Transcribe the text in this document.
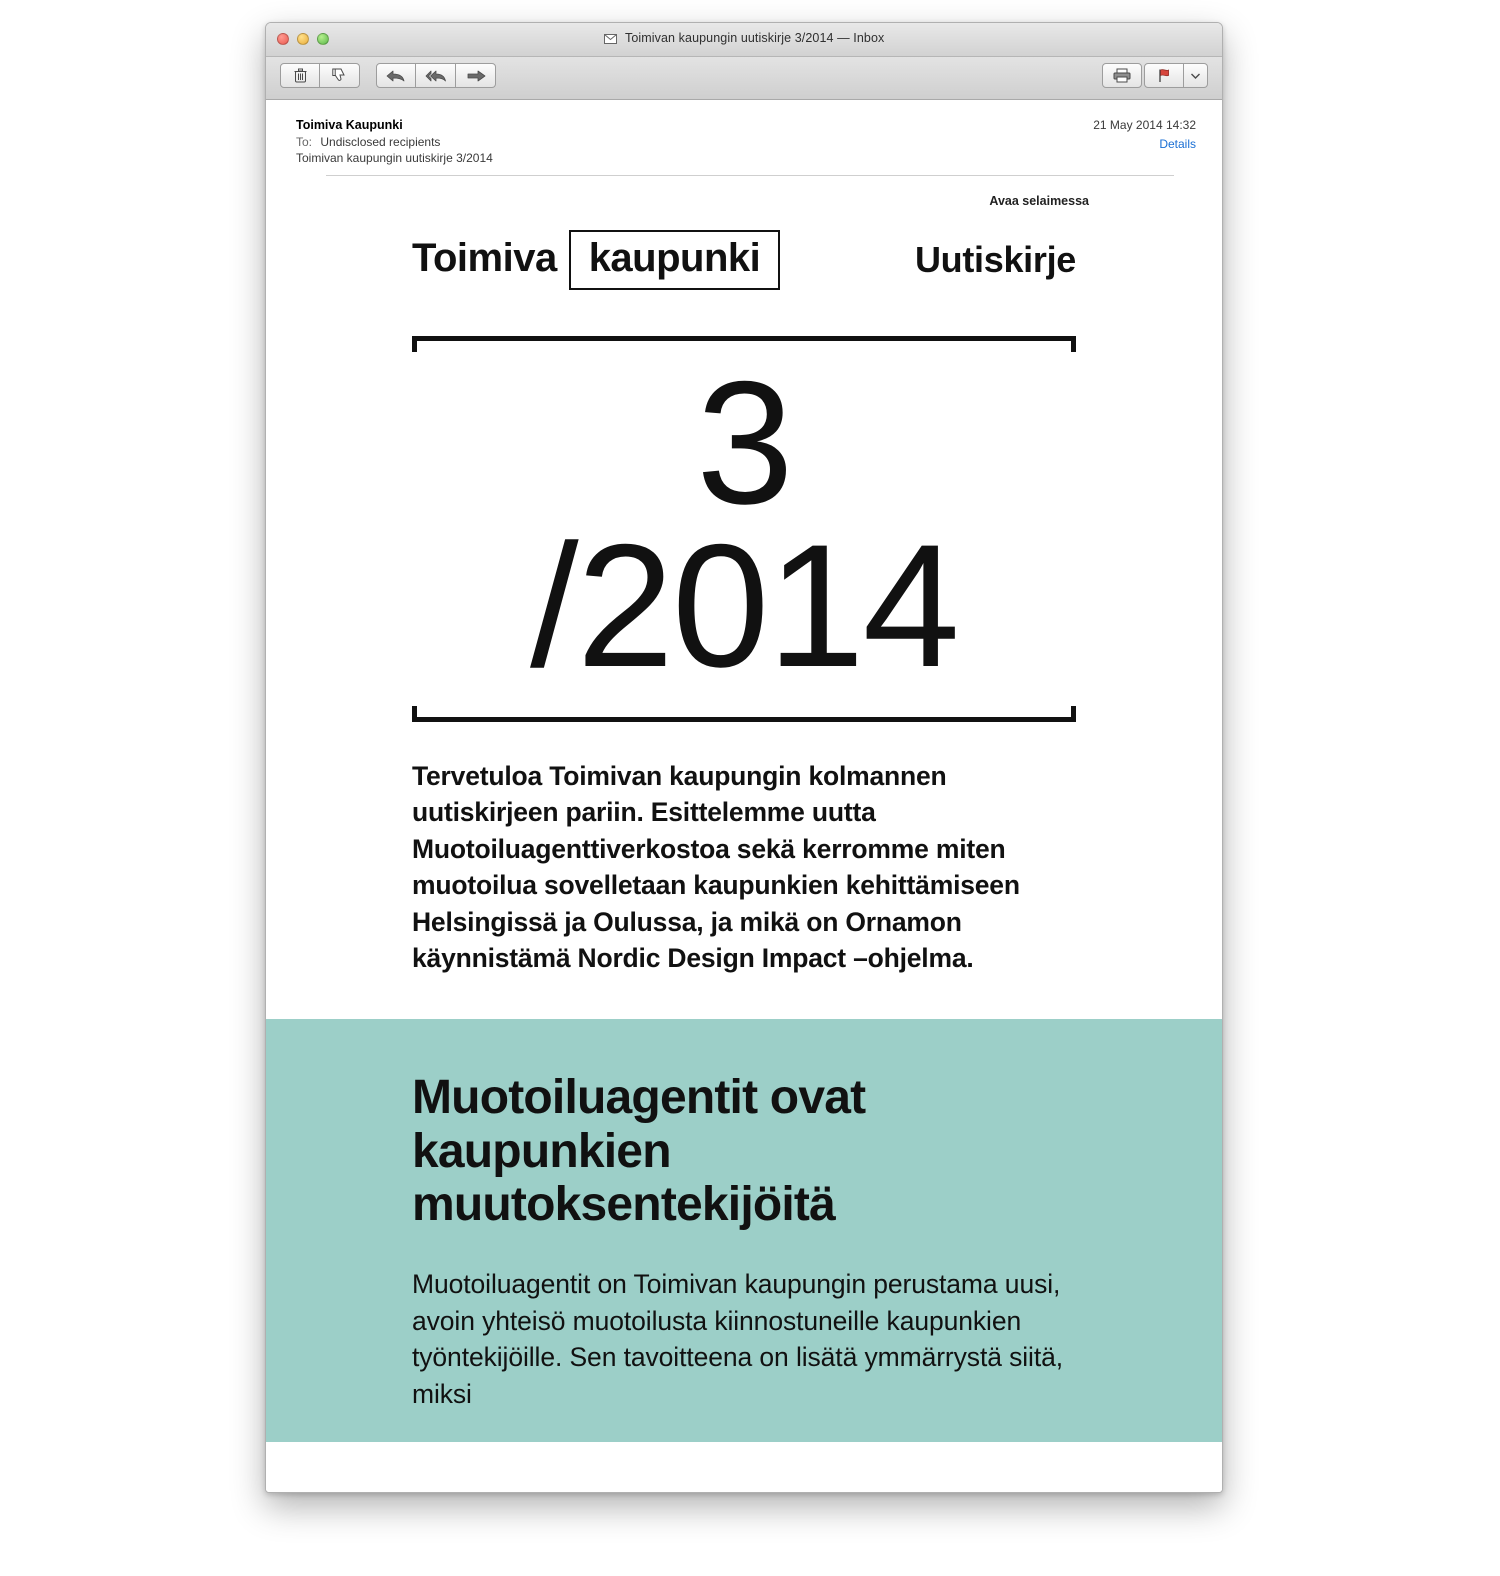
Toimivan kaupungin uutiskirje 3/2014 — Inbox
Toimiva Kaupunki
To: Undisclosed recipients
Toimivan kaupungin uutiskirje 3/2014
21 May 2014 14:32
Details
Avaa selaimessa
Toimiva kaupunki	Uutiskirje
3
/2014
Tervetuloa Toimivan kaupungin kolmannen uutiskirjeen pariin. Esittelemme uutta Muotoiluagenttiverkostoa sekä kerromme miten muotoilua sovelletaan kaupunkien kehittämiseen Helsingissä ja Oulussa, ja mikä on Ornamon käynnistämä Nordic Design Impact –ohjelma.
Muotoiluagentit ovat kaupunkien muutoksentekijöitä
Muotoiluagentit on Toimivan kaupungin perustama uusi, avoin yhteisö muotoilusta kiinnostuneille kaupunkien työntekijöille. Sen tavoitteena on lisätä ymmärrystä siitä, miksi
